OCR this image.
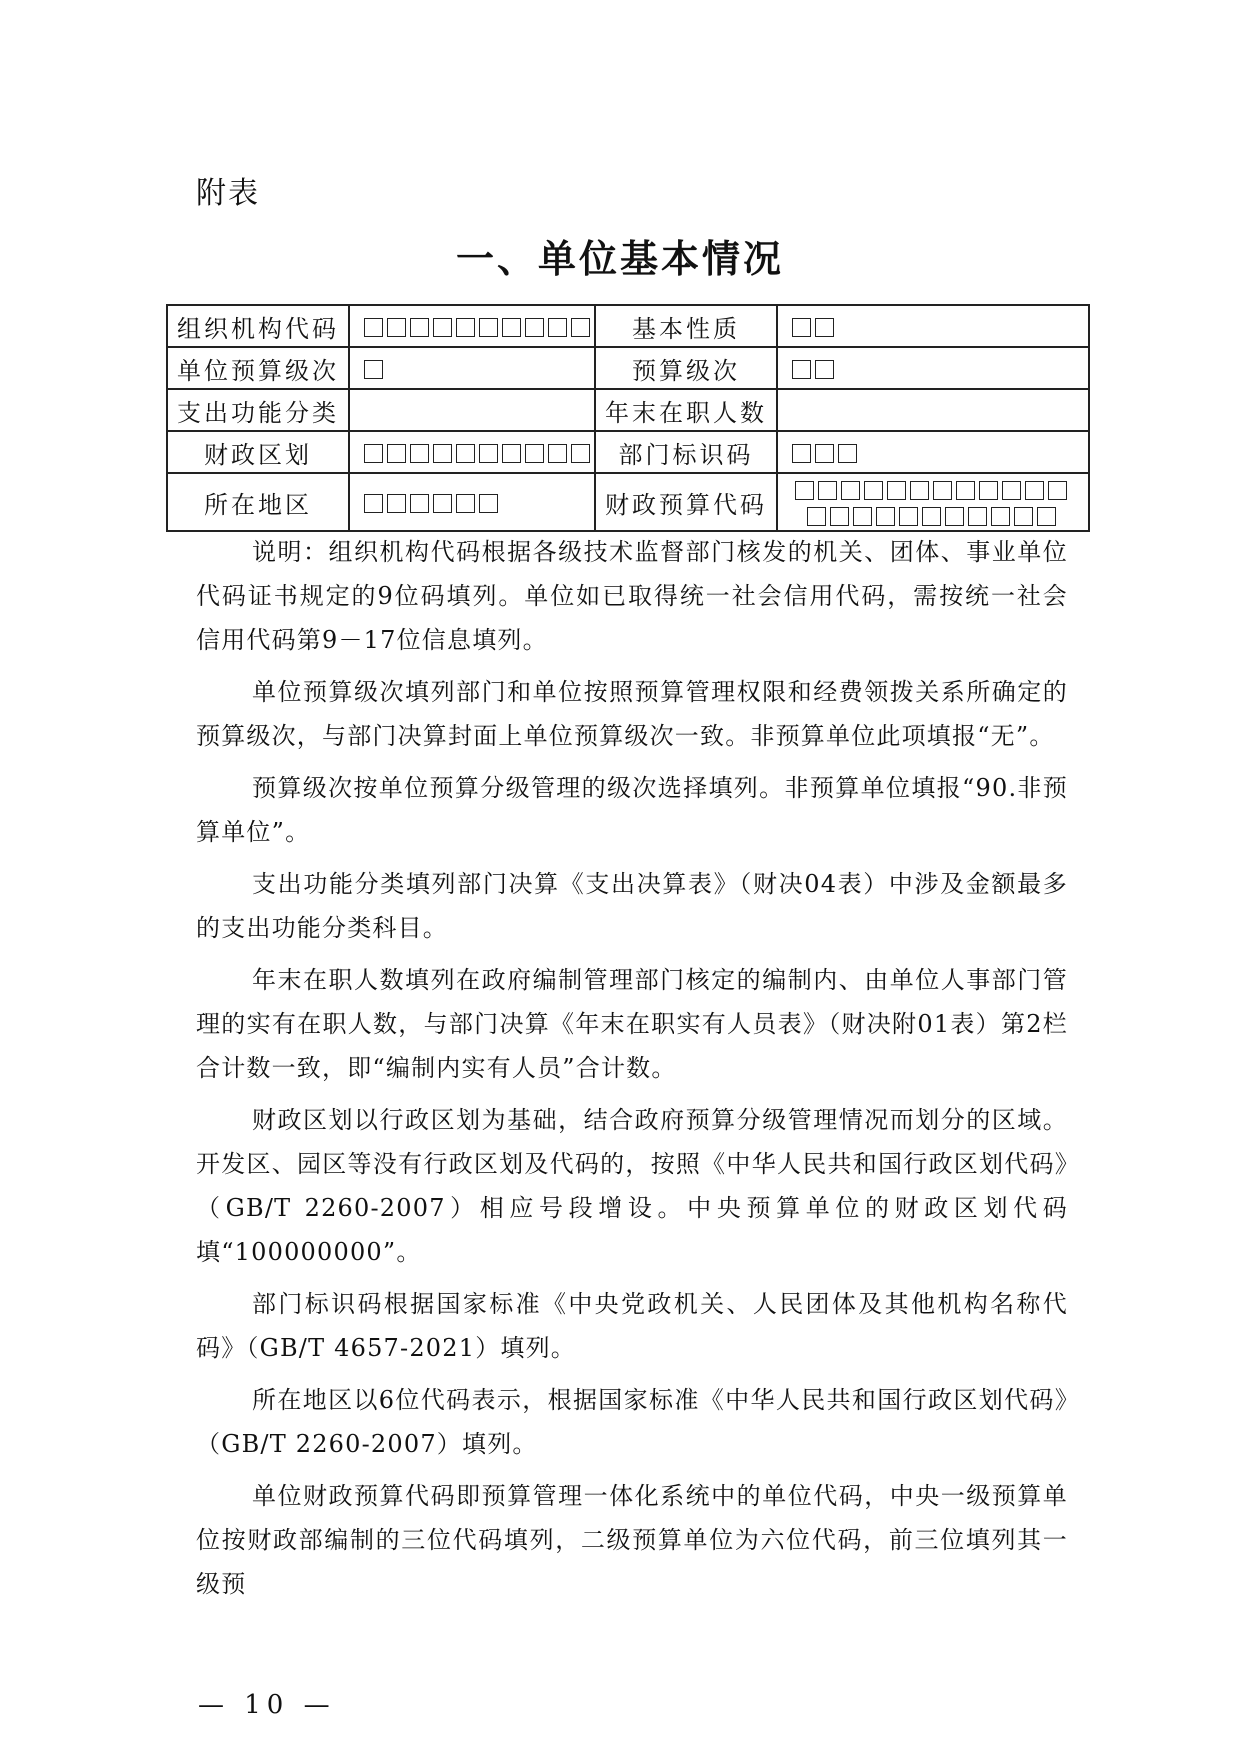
附表
一、单位基本情况
组织机构代码		基本性质	
单位预算级次		预算级次	
支出功能分类		年末在职人数	
财政区划		部门标识码	
所在地区		财政预算代码	

说明：组织机构代码根据各级技术监督部门核发的机关、团体、事业单位代码证书规定的9位码填列。单位如已取得统一社会信用代码，需按统一社会信用代码第9－17位信息填列。

单位预算级次填列部门和单位按照预算管理权限和经费领拨关系所确定的预算级次，与部门决算封面上单位预算级次一致。非预算单位此项填报“无”。

预算级次按单位预算分级管理的级次选择填列。非预算单位填报“90.非预算单位”。

支出功能分类填列部门决算《支出决算表》（财决04表）中涉及金额最多的支出功能分类科目。

年末在职人数填列在政府编制管理部门核定的编制内、由单位人事部门管理的实有在职人数，与部门决算《年末在职实有人员表》（财决附01表）第2栏合计数一致，即“编制内实有人员”合计数。

财政区划以行政区划为基础，结合政府预算分级管理情况而划分的区域。开发区、园区等没有行政区划及代码的，按照《中华人民共和国行政区划代码》（GB/T 2260-2007）相应号段增设。中央预算单位的财政区划代码填“100000000”。

部门标识码根据国家标准《中央党政机关、人民团体及其他机构名称代码》（GB/T 4657-2021）填列。

所在地区以6位代码表示，根据国家标准《中华人民共和国行政区划代码》（GB/T 2260-2007）填列。

单位财政预算代码即预算管理一体化系统中的单位代码，中央一级预算单位按财政部编制的三位代码填列，二级预算单位为六位代码，前三位填列其一级预

— 10 —
